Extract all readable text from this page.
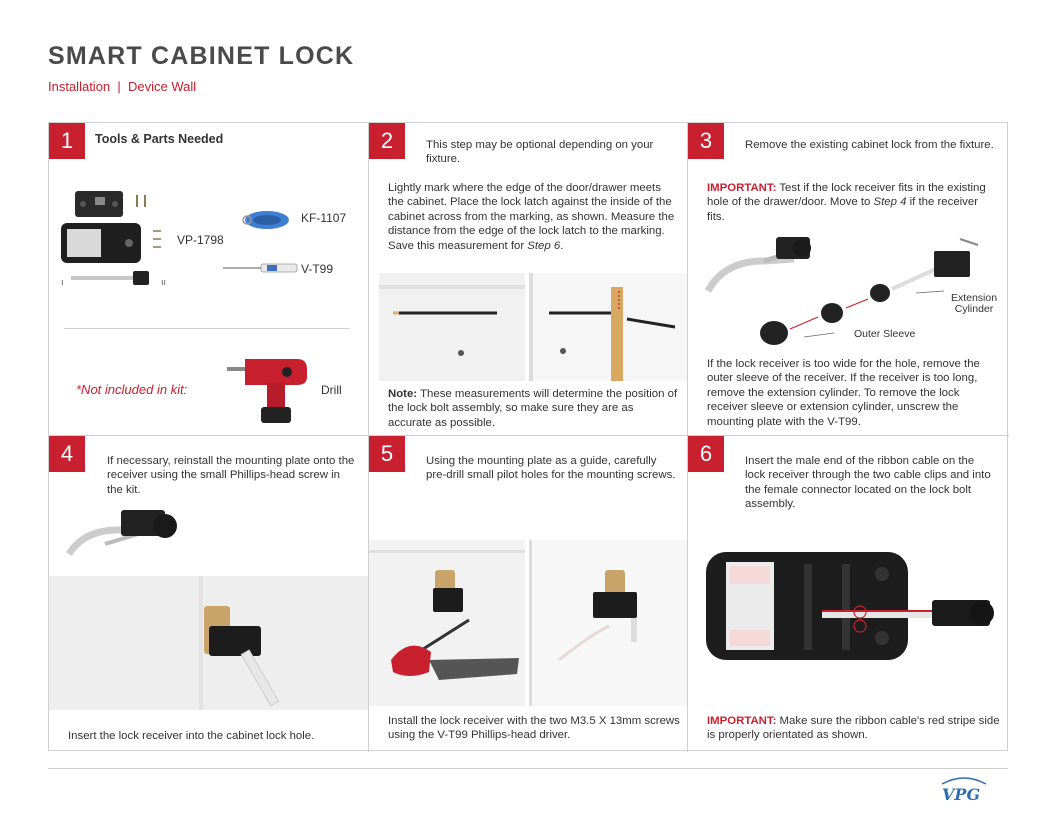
SMART CABINET LOCK
Installation  |  Device Wall
1	Tools & Parts Needed
ı	ıı
VP-1798
KF-1107
V-T99
*Not included in kit:	Drill
2	This step may be optional depending on your fixture.
Lightly mark where the edge of the door/drawer meets the cabinet. Place the lock latch against the inside of the cabinet across from the marking, as shown. Measure the distance from the edge of the lock latch to the marking. Save this measurement for Step 6.
Note: These measurements will determine the position of the lock bolt assembly, so make sure they are as accurate as possible.
3	Remove the existing cabinet lock from the fixture.
IMPORTANT: Test if the lock receiver fits in the existing hole of the drawer/door. Move to Step 4 if the receiver fits.
Extension Cylinder
Outer Sleeve
If the lock receiver is too wide for the hole, remove the outer sleeve of the receiver. If the receiver is too long, remove the extension cylinder. To remove the lock receiver sleeve or extension cylinder, unscrew the mounting plate with the V-T99.
4	If necessary, reinstall the mounting plate onto the receiver using the small Phillips-head screw in the kit.
Insert the lock receiver into the cabinet lock hole.
5	Using the mounting plate as a guide, carefully pre-drill small pilot holes for the mounting screws.
Install the lock receiver with the two M3.5 X 13mm screws using the V-T99 Phillips-head driver.
6	Insert the male end of the ribbon cable on the lock receiver through the two cable clips and into the female connector located on the lock bolt assembly.
IMPORTANT: Make sure the ribbon cable's red stripe side is properly orientated as shown.
VPG
